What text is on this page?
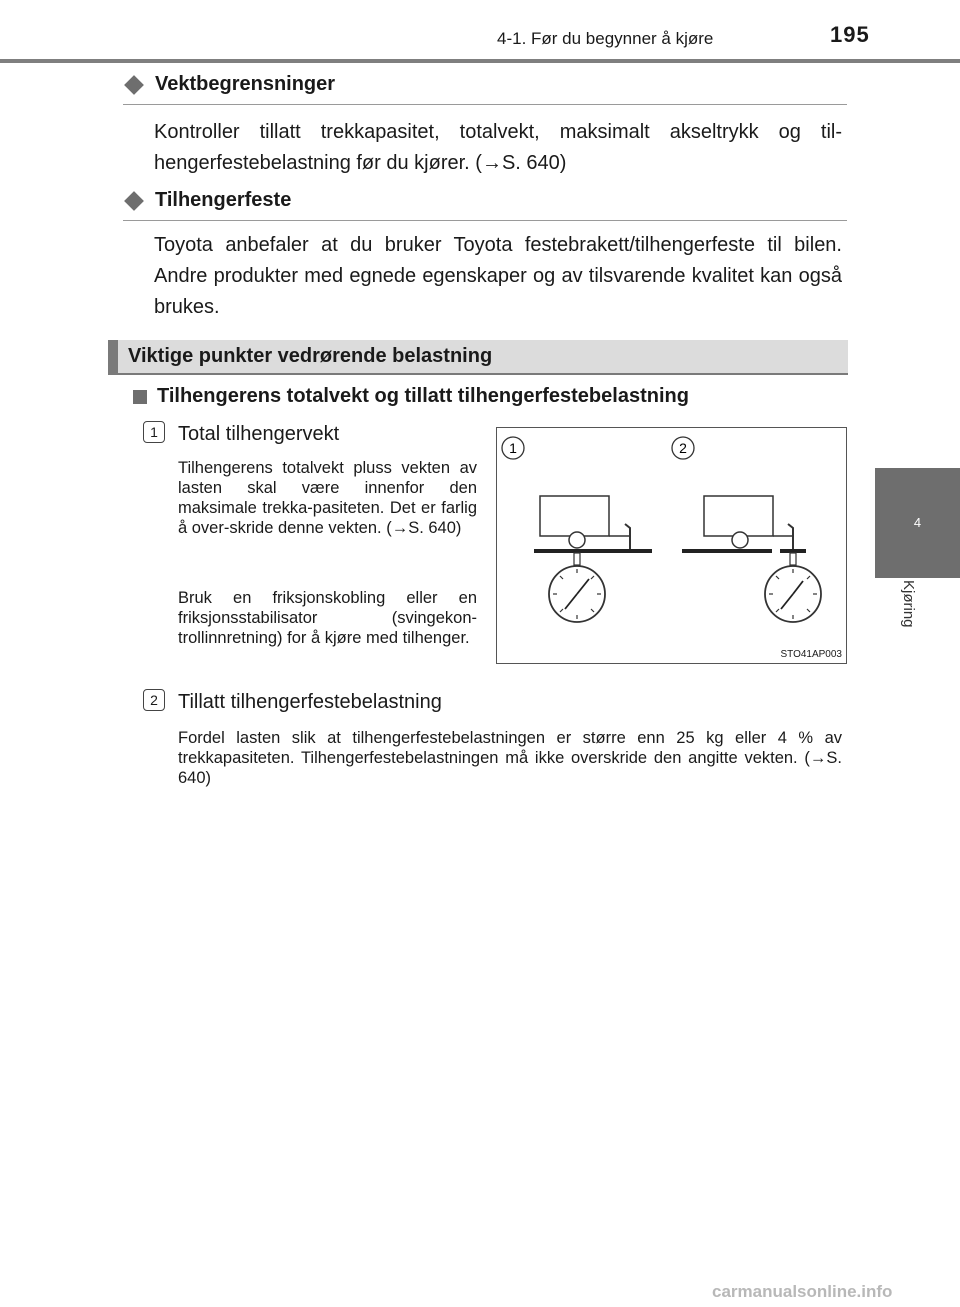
4-1. Før du begynner å kjøre	195
4
Kjøring
Vektbegrensninger
Kontroller tillatt trekkapasitet, totalvekt, maksimalt akseltrykk og til-hengerfestebelastning før du kjører. (→S. 640)
Tilhengerfeste
Toyota anbefaler at du bruker Toyota festebrakett/tilhengerfeste til bilen. Andre produkter med egnede egenskaper og av tilsvarende kvalitet kan også brukes.
Viktige punkter vedrørende belastning
Tilhengerens totalvekt og tillatt tilhengerfestebelastning
1	Total tilhengervekt
Tilhengerens totalvekt pluss vekten av lasten skal være innenfor den maksimale trekka-pasiteten. Det er farlig å over-skride denne vekten. (→S. 640)
Bruk en friksjonskobling eller en friksjonsstabilisator (svingekon-trollinnretning) for å kjøre med tilhenger.
2	Tillatt tilhengerfestebelastning
Fordel lasten slik at tilhengerfestebelastningen er større enn 25 kg eller 4 % av trekkapasiteten. Tilhengerfestebelastningen må ikke overskride den angitte vekten. (→S. 640)
1	2
STO41AP003
carmanualsonline.info
